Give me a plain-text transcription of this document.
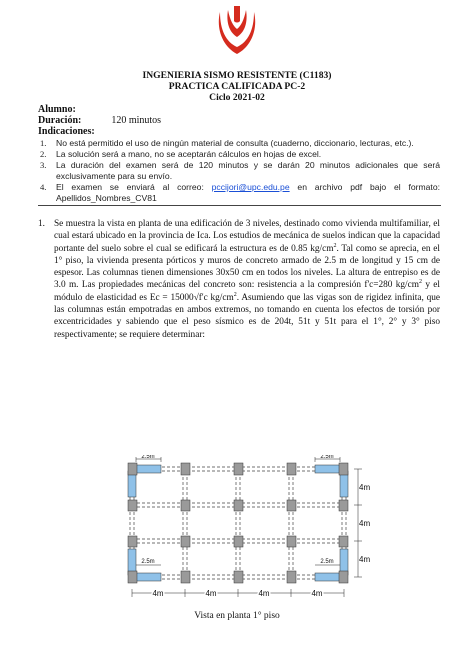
INGENIERIA SISMO RESISTENTE (C1183)
PRACTICA CALIFICADA PC-2
Ciclo 2021-02
Alumno:
Duración:	120 minutos
Indicaciones:
1. No está permitido el uso de ningún material de consulta (cuaderno, diccionario, lecturas, etc.).
2. La solución será a mano, no se aceptarán cálculos en hojas de excel.
3. La duración del examen será de 120 minutos y se darán 20 minutos adicionales que será exclusivamente para su envío.
4. El examen se enviará al correo: pccijori@upc.edu.pe en archivo pdf bajo el formato: Apellidos_Nombres_CV81
1. Se muestra la vista en planta de una edificación de 3 niveles, destinado como vivienda multifamiliar, el cual estará ubicado en la provincia de Ica. Los estudios de mecánica de suelos indican que la capacidad portante del suelo sobre el cual se edificará la estructura es de 0.85 $kg/cm^2$. Tal como se aprecia, en el 1° piso, la vivienda presenta pórticos y muros de concreto armado de 2.5 m de longitud y 15 cm de espesor. Las columnas tienen dimensiones 30x50 cm en todos los niveles. La altura de entrepiso es de 3.0 m. Las propiedades mecánicas del concreto son: resistencia a la compresión f'c=280 $kg/cm^2$ y el módulo de elasticidad es Ec = 15000√f'c $kg/cm^2$. Asumiendo que las vigas son de rigidez infinita, que las columnas están empotradas en ambos extremos, no tomando en cuenta los efectos de torsión por excentricidades y sabiendo que el peso sísmico es de 204t, 51t y 51t para el 1°, 2° y 3° piso respectivamente; se requiere determinar:
2.5m	2.5m
2.5m	2.5m
4m
4m
4m
4m	4m	4m	4m
Vista en planta 1° piso
